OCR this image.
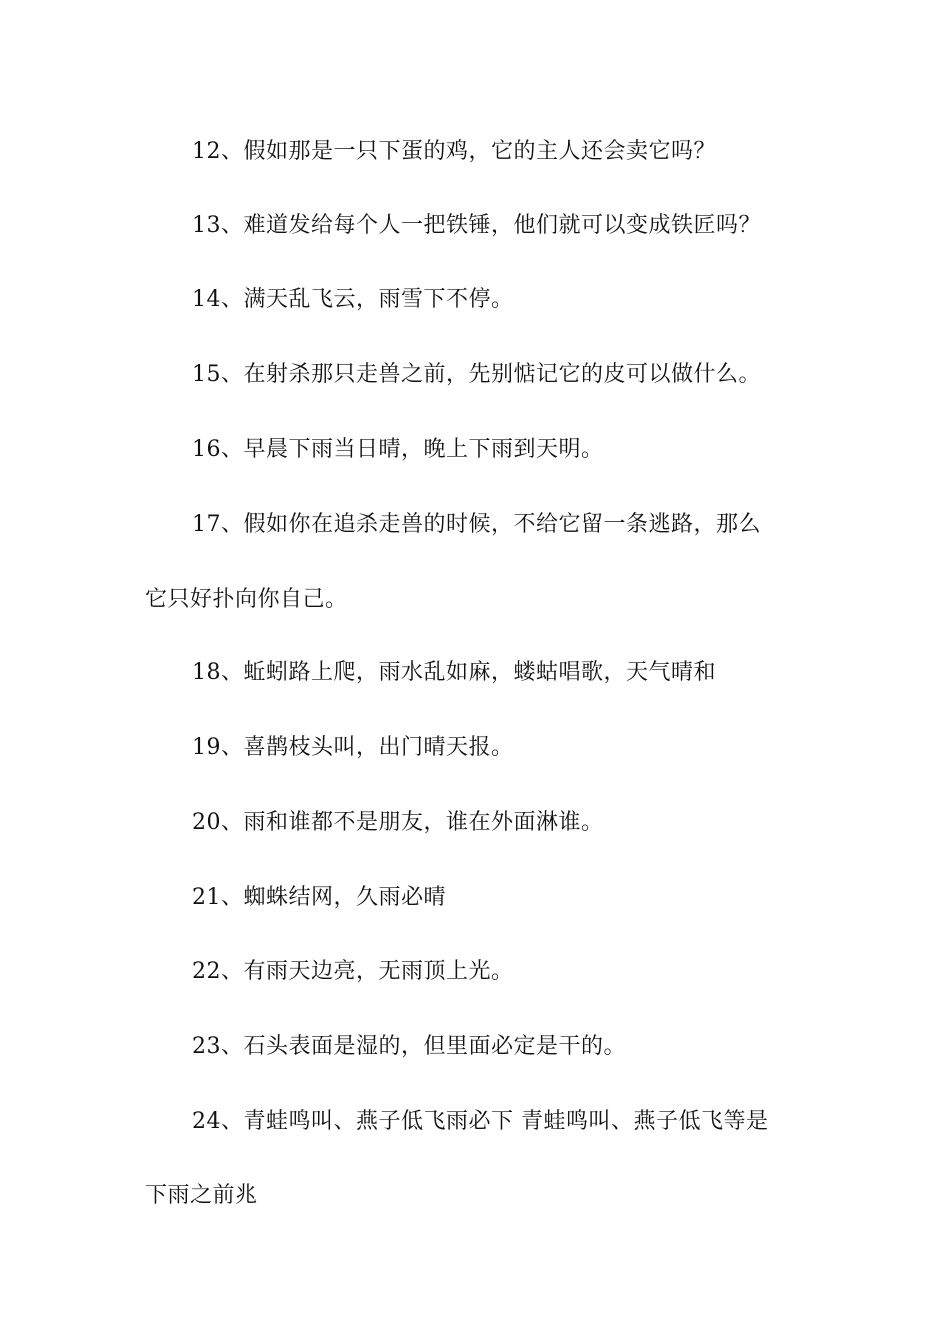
12、假如那是一只下蛋的鸡，它的主人还会卖它吗？
13、难道发给每个人一把铁锤，他们就可以变成铁匠吗？
14、满天乱飞云，雨雪下不停。
15、在射杀那只走兽之前，先别惦记它的皮可以做什么。
16、早晨下雨当日晴，晚上下雨到天明。
17、假如你在追杀走兽的时候，不给它留一条逃路，那么
它只好扑向你自己。
18、蚯蚓路上爬，雨水乱如麻，蝼蛄唱歌，天气晴和
19、喜鹊枝头叫，出门晴天报。
20、雨和谁都不是朋友，谁在外面淋谁。
21、蜘蛛结网，久雨必晴
22、有雨天边亮，无雨顶上光。
23、石头表面是湿的，但里面必定是干的。
24、青蛙鸣叫、燕子低飞雨必下 青蛙鸣叫、燕子低飞等是
下雨之前兆
